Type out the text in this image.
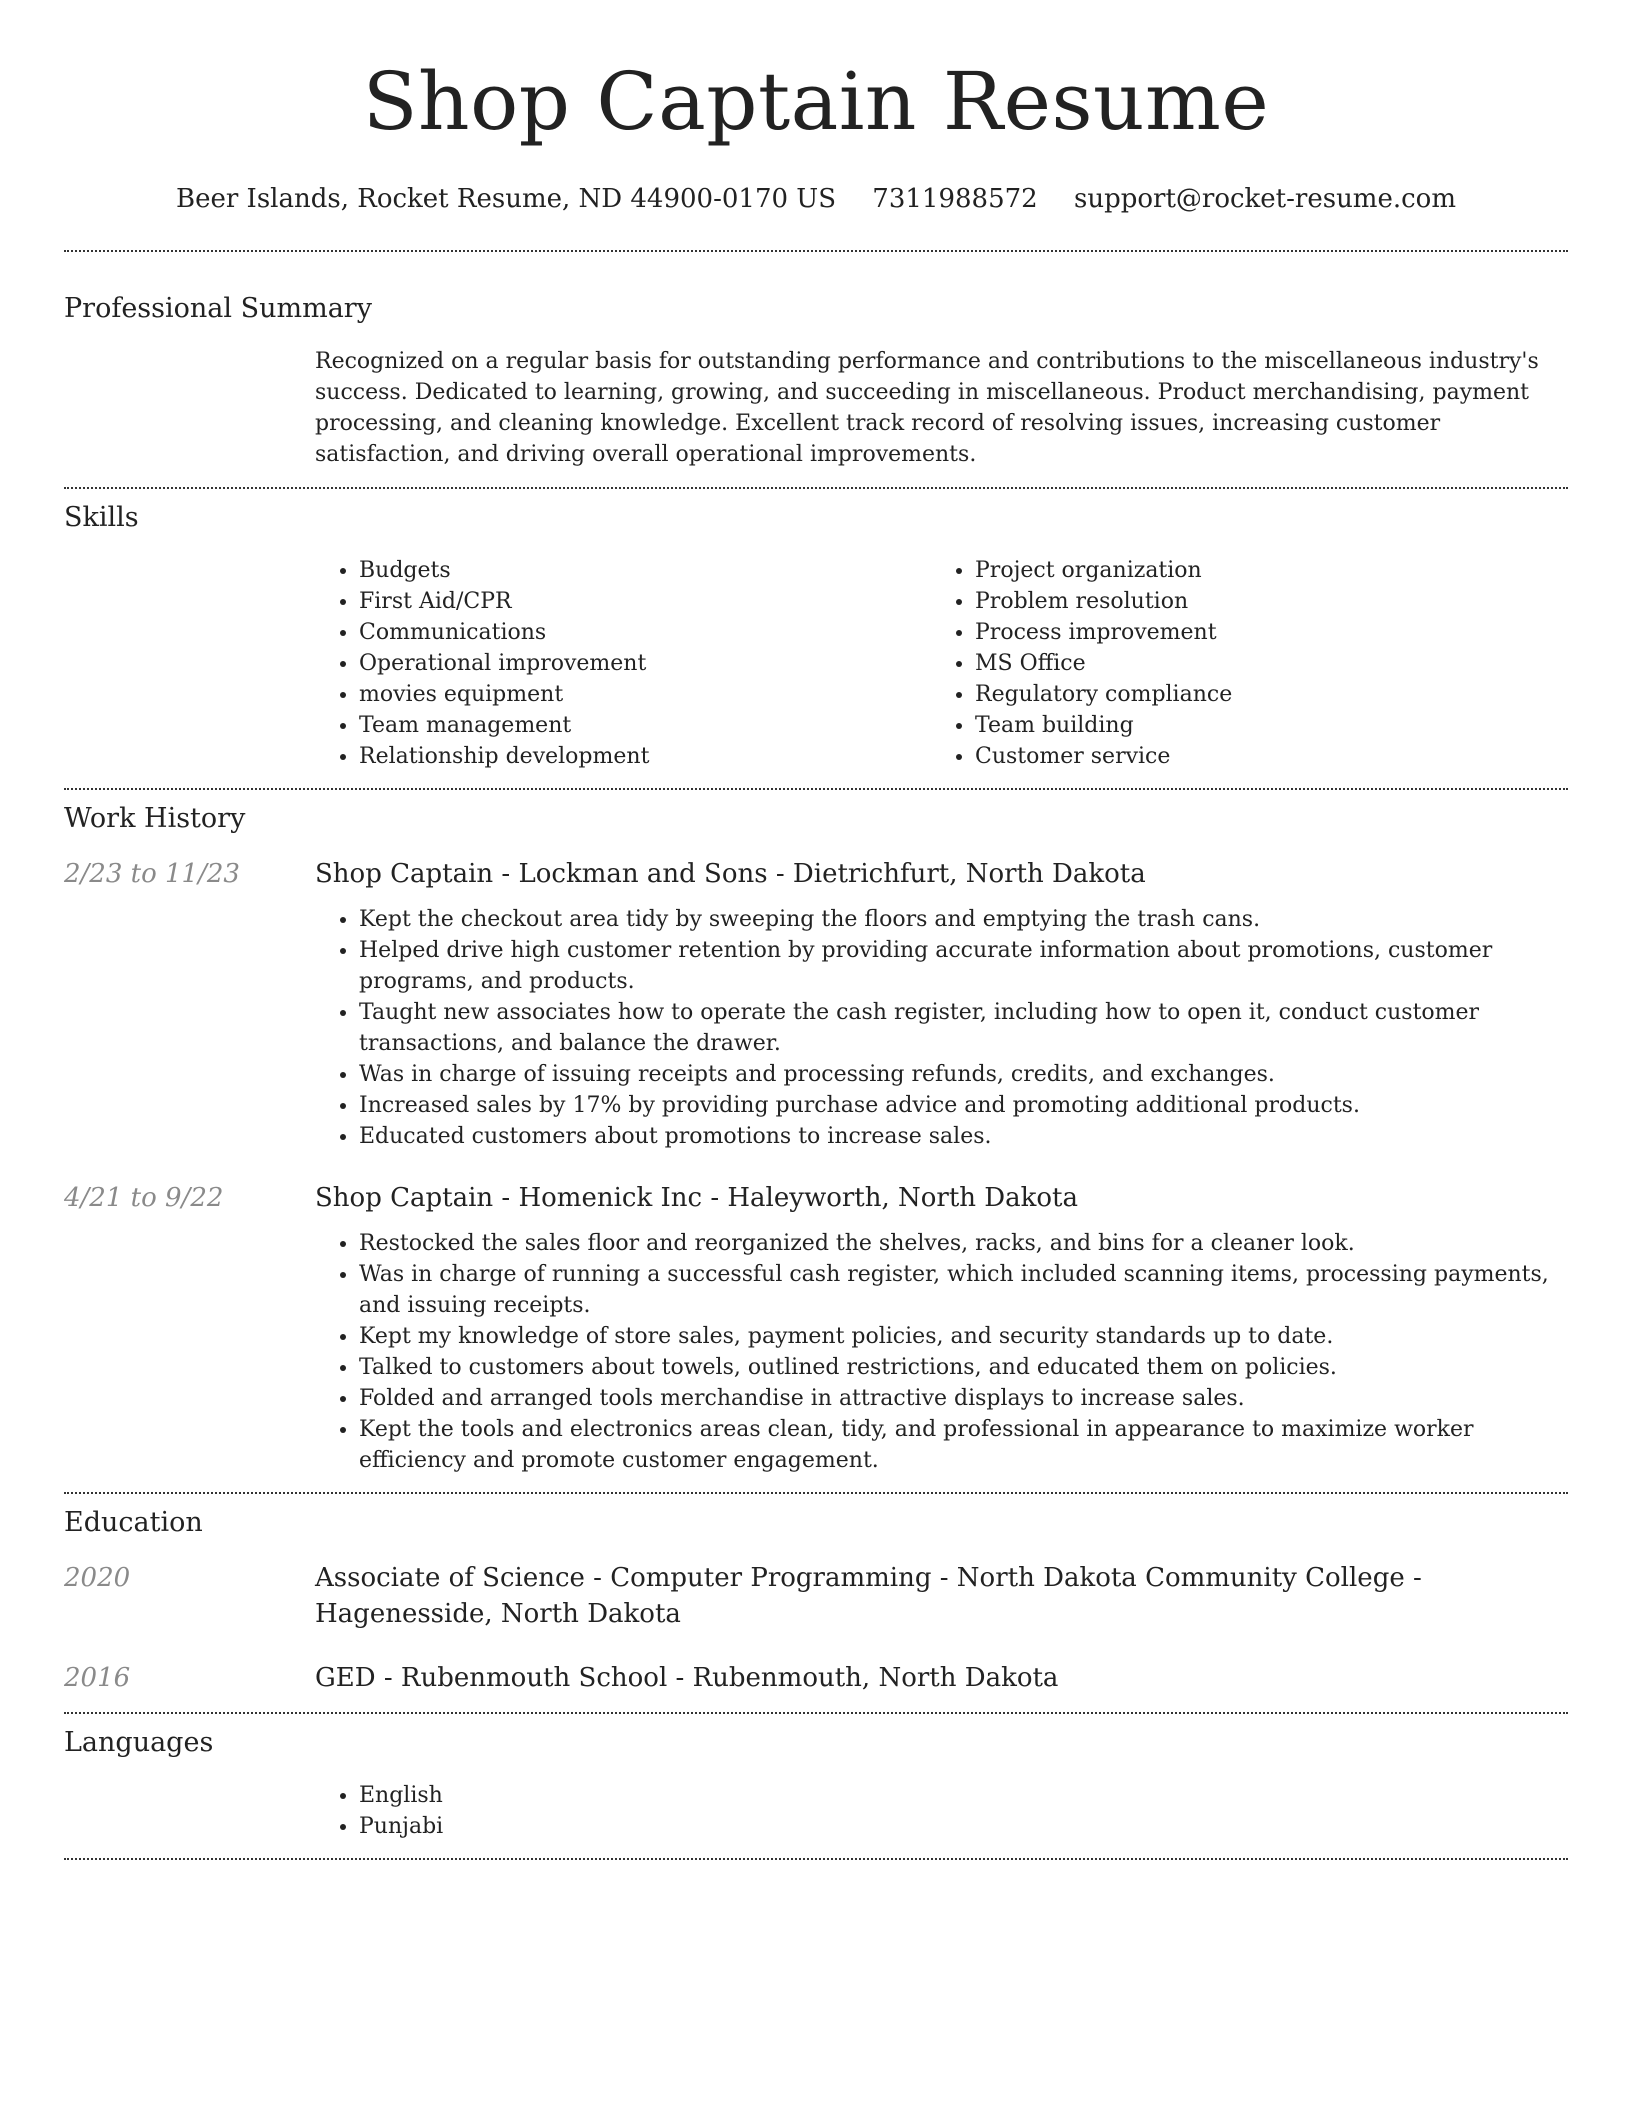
Shop Captain Resume
Beer Islands, Rocket Resume, ND 44900-0170 US 7311988572 support@rocket-resume.com
Professional Summary

Recognized on a regular basis for outstanding performance and contributions to the miscellaneous industry's success. Dedicated to learning, growing, and succeeding in miscellaneous. Product merchandising, payment processing, and cleaning knowledge. Excellent track record of resolving issues, increasing customer satisfaction, and driving overall operational improvements.

Skills
• Budgets
• First Aid/CPR
• Communications
• Operational improvement
• movies equipment
• Team management
• Relationship development
• Project organization
• Problem resolution
• Process improvement
• MS Office
• Regulatory compliance
• Team building
• Customer service
Work History
2/23 to 11/23	Shop Captain - Lockman and Sons - Dietrichfurt, North Dakota

• Kept the checkout area tidy by sweeping the floors and emptying the trash cans.
• Helped drive high customer retention by providing accurate information about promotions, customer programs, and products.
• Taught new associates how to operate the cash register, including how to open it, conduct customer transactions, and balance the drawer.
• Was in charge of issuing receipts and processing refunds, credits, and exchanges.
• Increased sales by 17% by providing purchase advice and promoting additional products.
• Educated customers about promotions to increase sales.
4/21 to 9/22	Shop Captain - Homenick Inc - Haleyworth, North Dakota

• Restocked the sales floor and reorganized the shelves, racks, and bins for a cleaner look.
• Was in charge of running a successful cash register, which included scanning items, processing payments, and issuing receipts.
• Kept my knowledge of store sales, payment policies, and security standards up to date.
• Talked to customers about towels, outlined restrictions, and educated them on policies.
• Folded and arranged tools merchandise in attractive displays to increase sales.
• Kept the tools and electronics areas clean, tidy, and professional in appearance to maximize worker efficiency and promote customer engagement.
Education
2020	Associate of Science - Computer Programming - North Dakota Community College - Hagenesside, North Dakota

2016	GED - Rubenmouth School - Rubenmouth, North Dakota

Languages
• English
• Punjabi
